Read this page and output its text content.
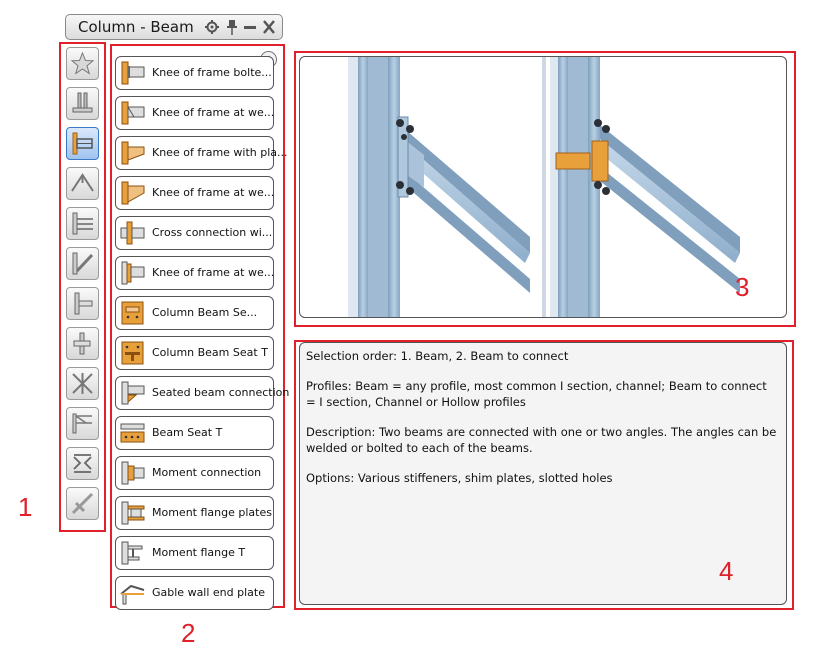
Column - Beam
Knee of frame bolte...
Knee of frame at we...
Knee of frame with pla...
Knee of frame at we...
Cross connection wi...
Knee of frame at we...
Column Beam Se...
Column Beam Seat T
Seated beam connection
Beam Seat T
Moment connection
Moment flange plates
Moment flange T
Gable wall end plate

Selection order: 1. Beam, 2. Beam to connect

Profiles: Beam = any profile, most common I section, channel; Beam to connect = I section, Channel or Hollow profiles

Description: Two beams are connected with one or two angles. The angles can be welded or bolted to each of the beams.

Options: Various stiffeners, shim plates, slotted holes

1
2
3
4
